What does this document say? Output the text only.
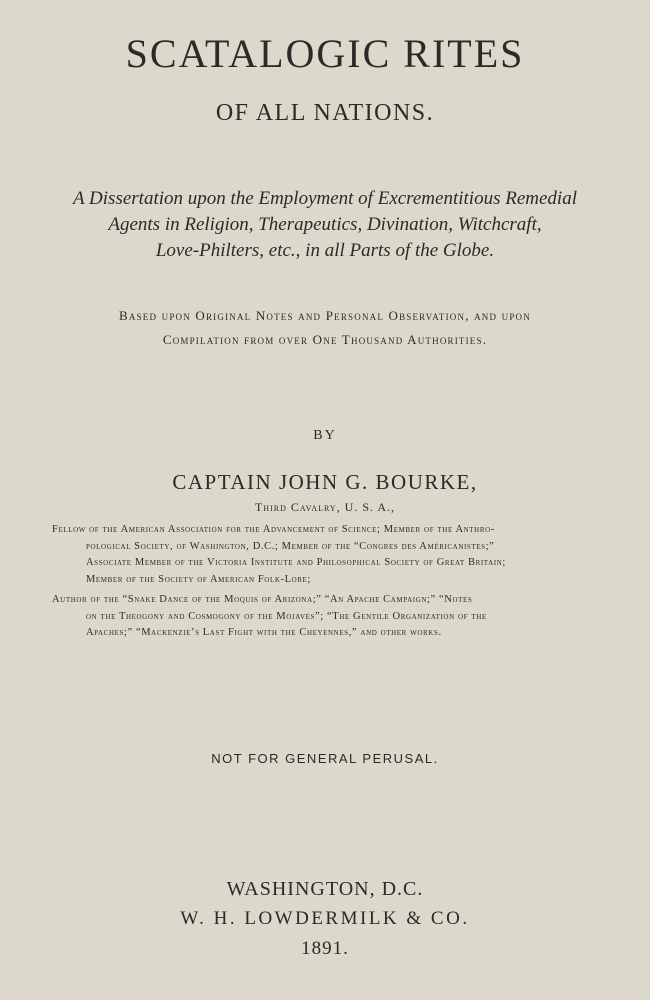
SCATALOGIC RITES
OF ALL NATIONS.
A Dissertation upon the Employment of Excrementitious Remedial
Agents in Religion, Therapeutics, Divination, Witchcraft,
Love-Philters, etc., in all Parts of the Globe.
Based upon Original Notes and Personal Observation, and upon
Compilation from over One Thousand Authorities.
BY
CAPTAIN JOHN G. BOURKE,
Third Cavalry, U. S. A.,
Fellow of the American Association for the Advancement of Science; Member of the Anthro-
pological Society, of Washington, D.C.; Member of the “Congres des Américanistes;”
Associate Member of the Victoria Institute and Philosophical Society of Great Britain;
Member of the Society of American Folk-Lore;
Author of the “Snake Dance of the Moquis of Arizona;” “An Apache Campaign;” “Notes
on the Theogony and Cosmogony of the Mojaves”; “The Gentile Organization of the
Apaches;” “Mackenzie’s Last Fight with the Cheyennes,” and other works.
NOT FOR GENERAL PERUSAL.
WASHINGTON, D.C.
W. H. LOWDERMILK & CO.
1891.
